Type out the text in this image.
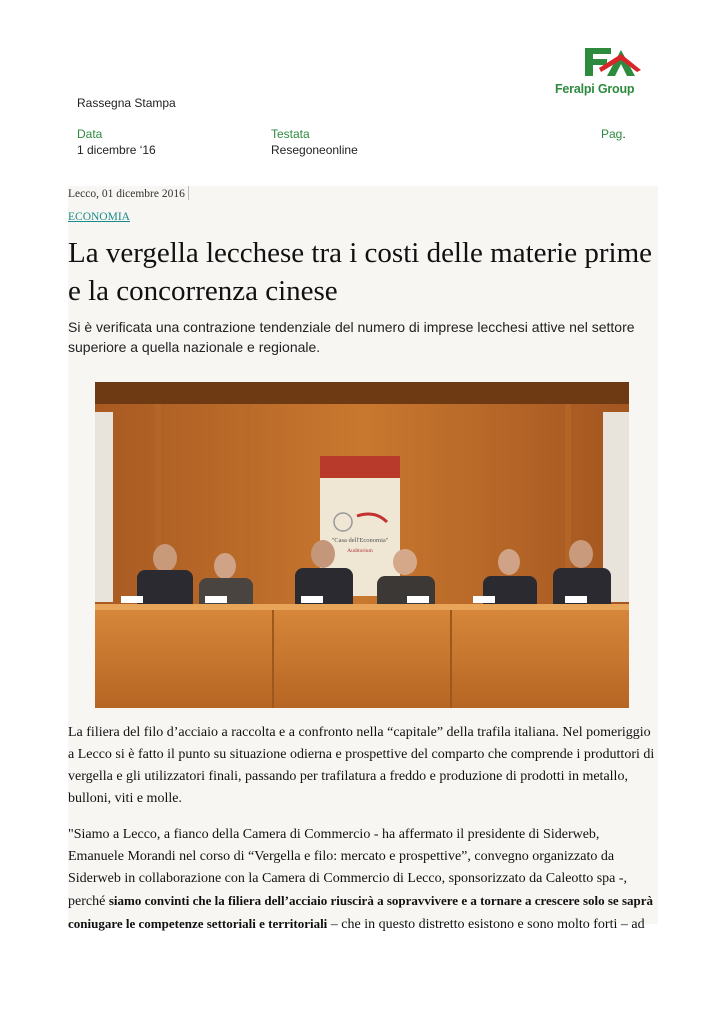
Feralpi Group
Rassegna Stampa
Data
1 dicembre ‘16
Testata
Resegoneonline
Pag.
Lecco, 01 dicembre 2016
ECONOMIA
La vergella lecchese tra i costi delle materie prime e la concorrenza cinese
Si è verificata una contrazione tendenziale del numero di imprese lecchesi attive nel settore superiore a quella nazionale e regionale.
"Casa dell'Economia"
Auditorium
La filiera del filo d’acciaio a raccolta e a confronto nella “capitale” della trafila italiana. Nel pomeriggio a Lecco si è fatto il punto su situazione odierna e prospettive del comparto che comprende i produttori di vergella e gli utilizzatori finali, passando per trafilatura a freddo e produzione di prodotti in metallo, bulloni, viti e molle.
"Siamo a Lecco, a fianco della Camera di Commercio - ha affermato il presidente di Siderweb, Emanuele Morandi nel corso di “Vergella e filo: mercato e prospettive”, convegno organizzato da Siderweb in collaborazione con la Camera di Commercio di Lecco, sponsorizzato da Caleotto spa -, perché siamo convinti che la filiera dell’acciaio riuscirà a sopravvivere e a tornare a crescere solo se saprà coniugare le competenze settoriali e territoriali – che in questo distretto esistono e sono molto forti – ad
